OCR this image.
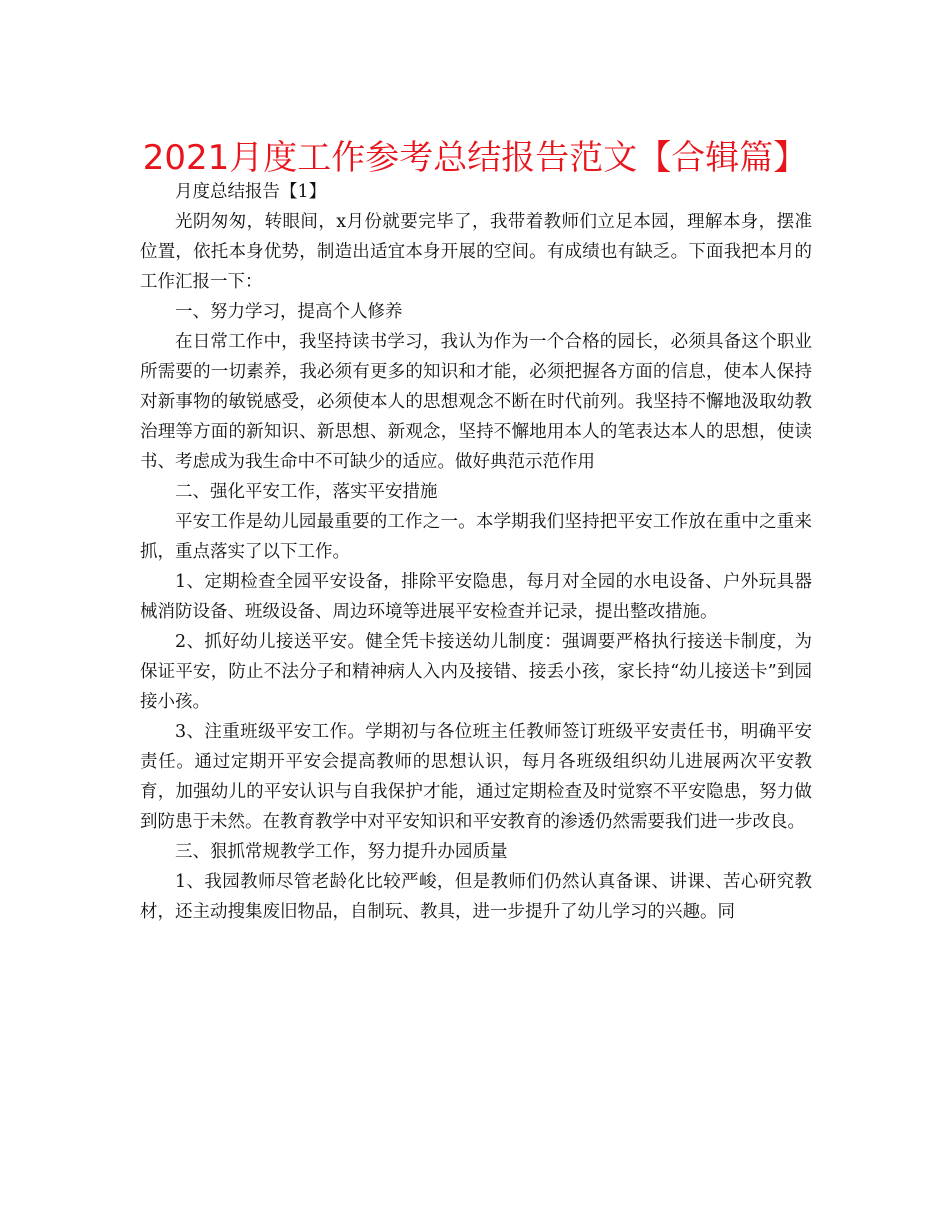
2021月度工作参考总结报告范文【合辑篇】

月度总结报告【1】

光阴匆匆，转眼间，x月份就要完毕了，我带着教师们立足本园，理解本身，摆准位置，依托本身优势，制造出适宜本身开展的空间。有成绩也有缺乏。下面我把本月的工作汇报一下：

一、努力学习，提高个人修养

在日常工作中，我坚持读书学习，我认为作为一个合格的园长，必须具备这个职业所需要的一切素养，我必须有更多的知识和才能，必须把握各方面的信息，使本人保持对新事物的敏锐感受，必须使本人的思想观念不断在时代前列。我坚持不懈地汲取幼教治理等方面的新知识、新思想、新观念，坚持不懈地用本人的笔表达本人的思想，使读书、考虑成为我生命中不可缺少的适应。做好典范示范作用

二、强化平安工作，落实平安措施

平安工作是幼儿园最重要的工作之一。本学期我们坚持把平安工作放在重中之重来抓，重点落实了以下工作。

1、定期检查全园平安设备，排除平安隐患，每月对全园的水电设备、户外玩具器械消防设备、班级设备、周边环境等进展平安检查并记录，提出整改措施。

2、抓好幼儿接送平安。健全凭卡接送幼儿制度：强调要严格执行接送卡制度，为保证平安，防止不法分子和精神病人入内及接错、接丢小孩，家长持“幼儿接送卡”到园接小孩。

3、注重班级平安工作。学期初与各位班主任教师签订班级平安责任书，明确平安责任。通过定期开平安会提高教师的思想认识，每月各班级组织幼儿进展两次平安教育，加强幼儿的平安认识与自我保护才能，通过定期检查及时觉察不平安隐患，努力做到防患于未然。在教育教学中对平安知识和平安教育的渗透仍然需要我们进一步改良。

三、狠抓常规教学工作，努力提升办园质量

1、我园教师尽管老龄化比较严峻，但是教师们仍然认真备课、讲课、苦心研究教材，还主动搜集废旧物品，自制玩、教具，进一步提升了幼儿学习的兴趣。同
